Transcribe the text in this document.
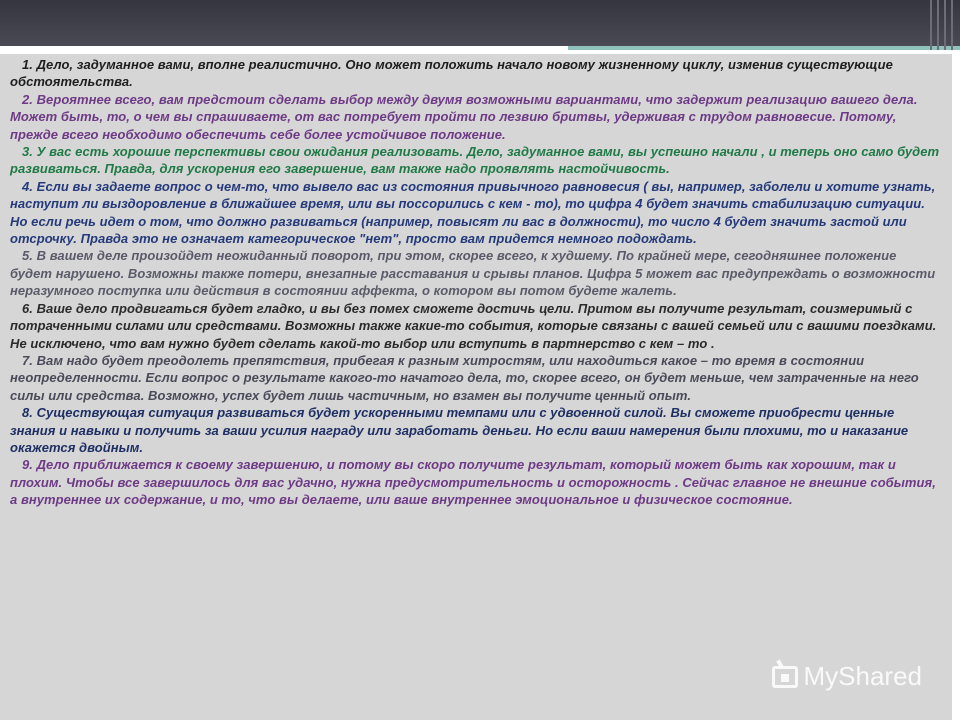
1. Дело, задуманное вами, вполне реалистично. Оно может положить начало новому жизненному циклу, изменив существующие обстоятельства.

2. Вероятнее всего, вам предстоит сделать выбор между двумя возможными вариантами, что задержит реализацию вашего дела. Может быть, то, о чем вы спрашиваете, от вас потребует пройти по лезвию бритвы, удерживая с трудом равновесие. Потому, прежде всего необходимо обеспечить себе более устойчивое положение.

3. У вас есть хорошие перспективы свои ожидания реализовать. Дело, задуманное вами, вы успешно начали , и теперь оно само будет развиваться. Правда, для ускорения его завершение, вам также надо проявлять настойчивость.

4. Если вы задаете вопрос о чем-то, что вывело вас из состояния привычного равновесия ( вы, например, заболели и хотите узнать, наступит ли выздоровление в ближайшее время, или вы поссорились с кем - то), то цифра 4 будет значить стабилизацию ситуации. Но если речь идет о том, что должно развиваться (например, повысят ли вас в должности), то число 4 будет значить застой или отсрочку. Правда это не означает категорическое "нет", просто вам придется немного подождать.

5. В вашем деле произойдет неожиданный поворот, при этом, скорее всего, к худшему. По крайней мере, сегодняшнее положение будет нарушено. Возможны также потери, внезапные расставания и срывы планов. Цифра 5 может вас предупреждать о возможности неразумного поступка или действия в состоянии аффекта, о котором вы потом будете жалеть.

6. Ваше дело продвигаться будет гладко, и вы без помех сможете достичь цели. Притом вы получите результат, соизмеримый с потраченными силами или средствами. Возможны также какие-то события, которые связаны с вашей семьей или с вашими поездками. Не исключено, что вам нужно будет сделать какой-то выбор или вступить в партнерство с кем – то .

7. Вам надо будет преодолеть препятствия, прибегая к разным хитростям, или находиться какое – то время в состоянии неопределенности. Если вопрос о результате какого-то начатого дела, то, скорее всего, он будет меньше, чем затраченные на него силы или средства. Возможно, успех будет лишь частичным, но взамен вы получите ценный опыт.

8. Существующая ситуация развиваться будет ускоренными темпами или с удвоенной силой. Вы сможете приобрести ценные знания и навыки и получить за ваши усилия награду или заработать деньги. Но если ваши намерения были плохими, то и наказание окажется двойным.

9. Дело приближается к своему завершению, и потому вы скоро получите результат, который может быть как хорошим, так и плохим. Чтобы все завершилось для вас удачно, нужна предусмотрительность и осторожность . Сейчас главное не внешние события, а внутреннее их содержание, и то, что вы делаете, или ваше внутреннее эмоциональное и физическое состояние.

MyShared
